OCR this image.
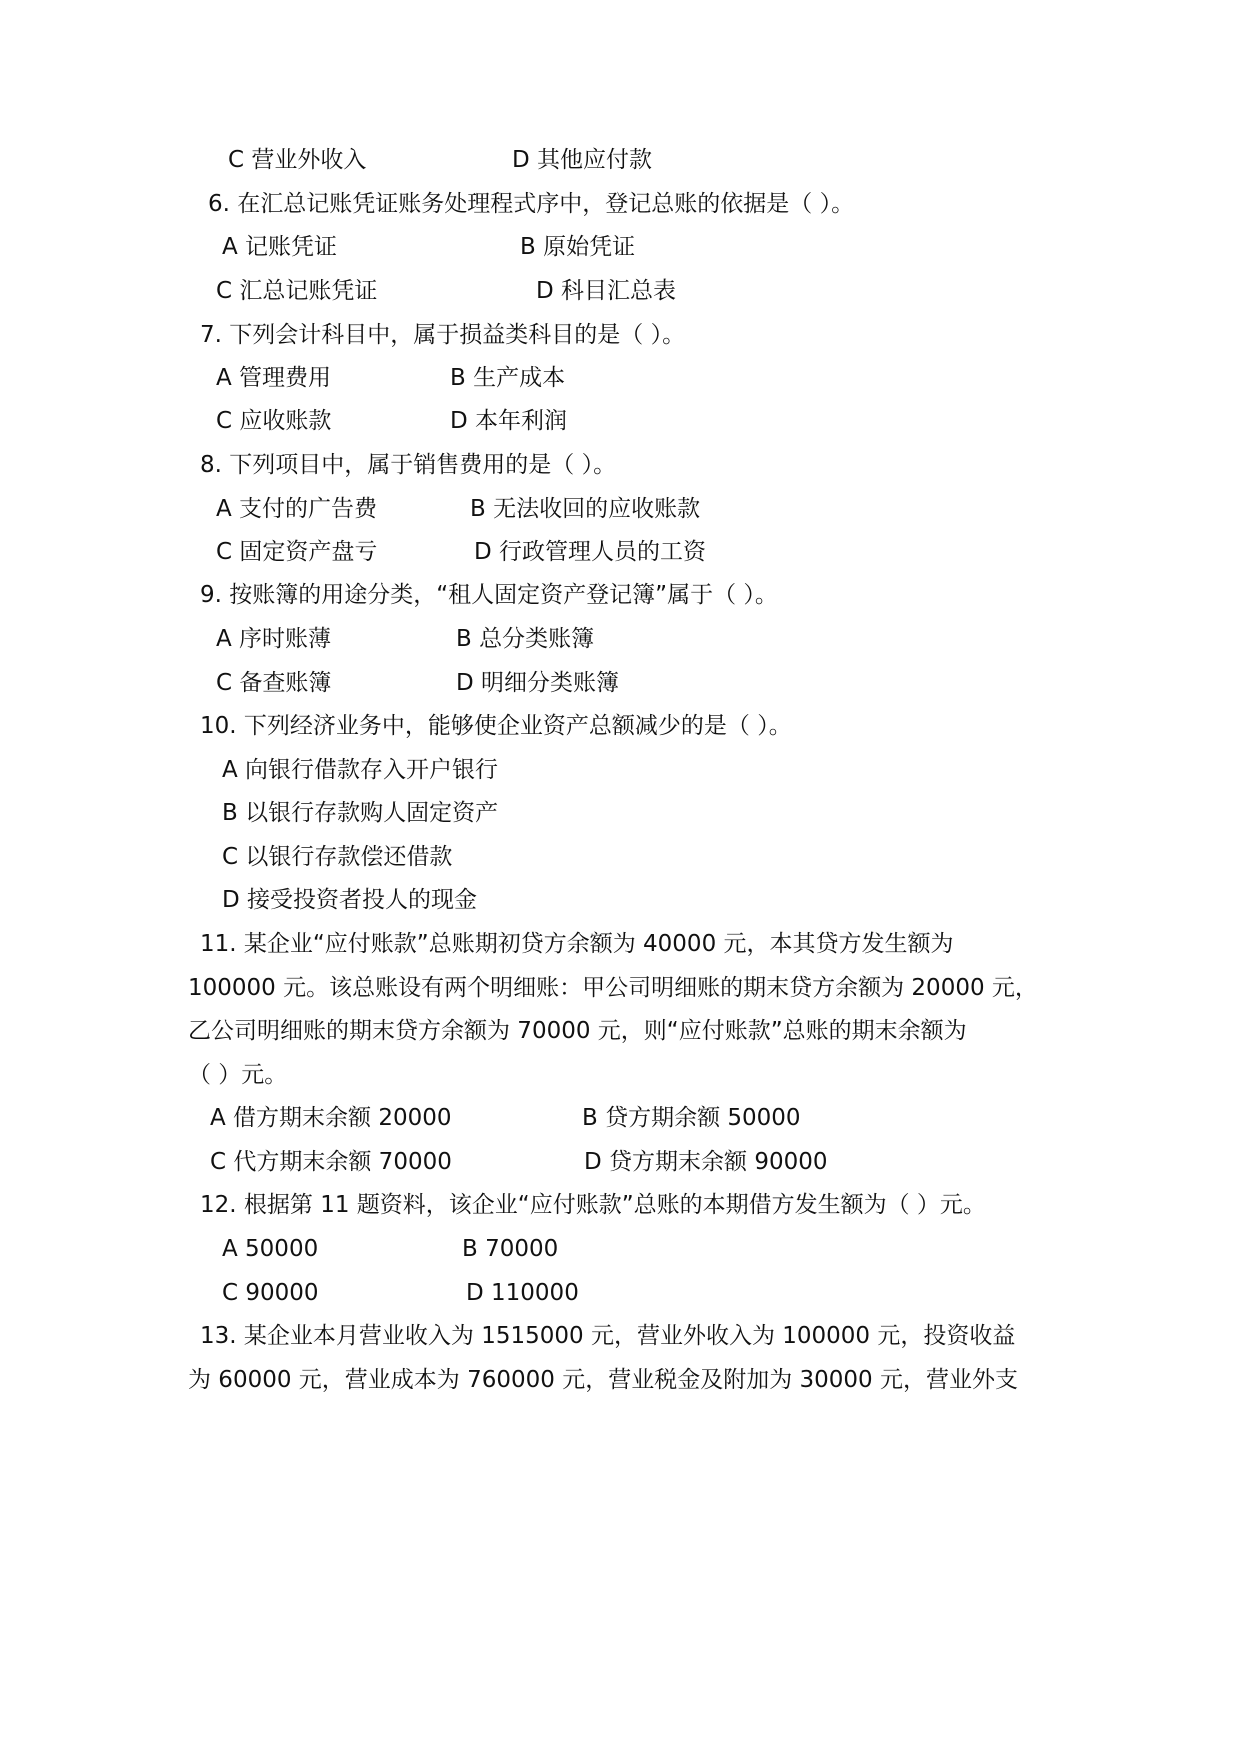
C 营业外收入	D 其他应付款
6. 在汇总记账凭证账务处理程式序中，登记总账的依据是（ ）。
A 记账凭证	B 原始凭证
C 汇总记账凭证	D 科目汇总表
7. 下列会计科目中，属于损益类科目的是（ ）。
A 管理费用	B 生产成本
C 应收账款	D 本年利润
8. 下列项目中，属于销售费用的是（ ）。
A 支付的广告费	B 无法收回的应收账款
C 固定资产盘亏	D 行政管理人员的工资
9. 按账簿的用途分类，“租人固定资产登记簿”属于（ ）。
A 序时账薄	B 总分类账簿
C 备查账簿	D 明细分类账簿
10. 下列经济业务中，能够使企业资产总额减少的是（ ）。
A 向银行借款存入开户银行
B 以银行存款购人固定资产
C 以银行存款偿还借款
D 接受投资者投人的现金
11. 某企业“应付账款”总账期初贷方余额为 40000 元，本其贷方发生额为
100000 元。该总账设有两个明细账：甲公司明细账的期末贷方余额为 20000 元，
乙公司明细账的期末贷方余额为 70000 元，则“应付账款”总账的期末余额为
（ ）元。
A 借方期末余额 20000	B 贷方期余额 50000
C 代方期末余额 70000	D 贷方期末余额 90000
12. 根据第 11 题资料，该企业“应付账款”总账的本期借方发生额为（ ）元。
A 50000	B 70000
C 90000	D 110000
13. 某企业本月营业收入为 1515000 元，营业外收入为 100000 元，投资收益
为 60000 元，营业成本为 760000 元，营业税金及附加为 30000 元，营业外支
